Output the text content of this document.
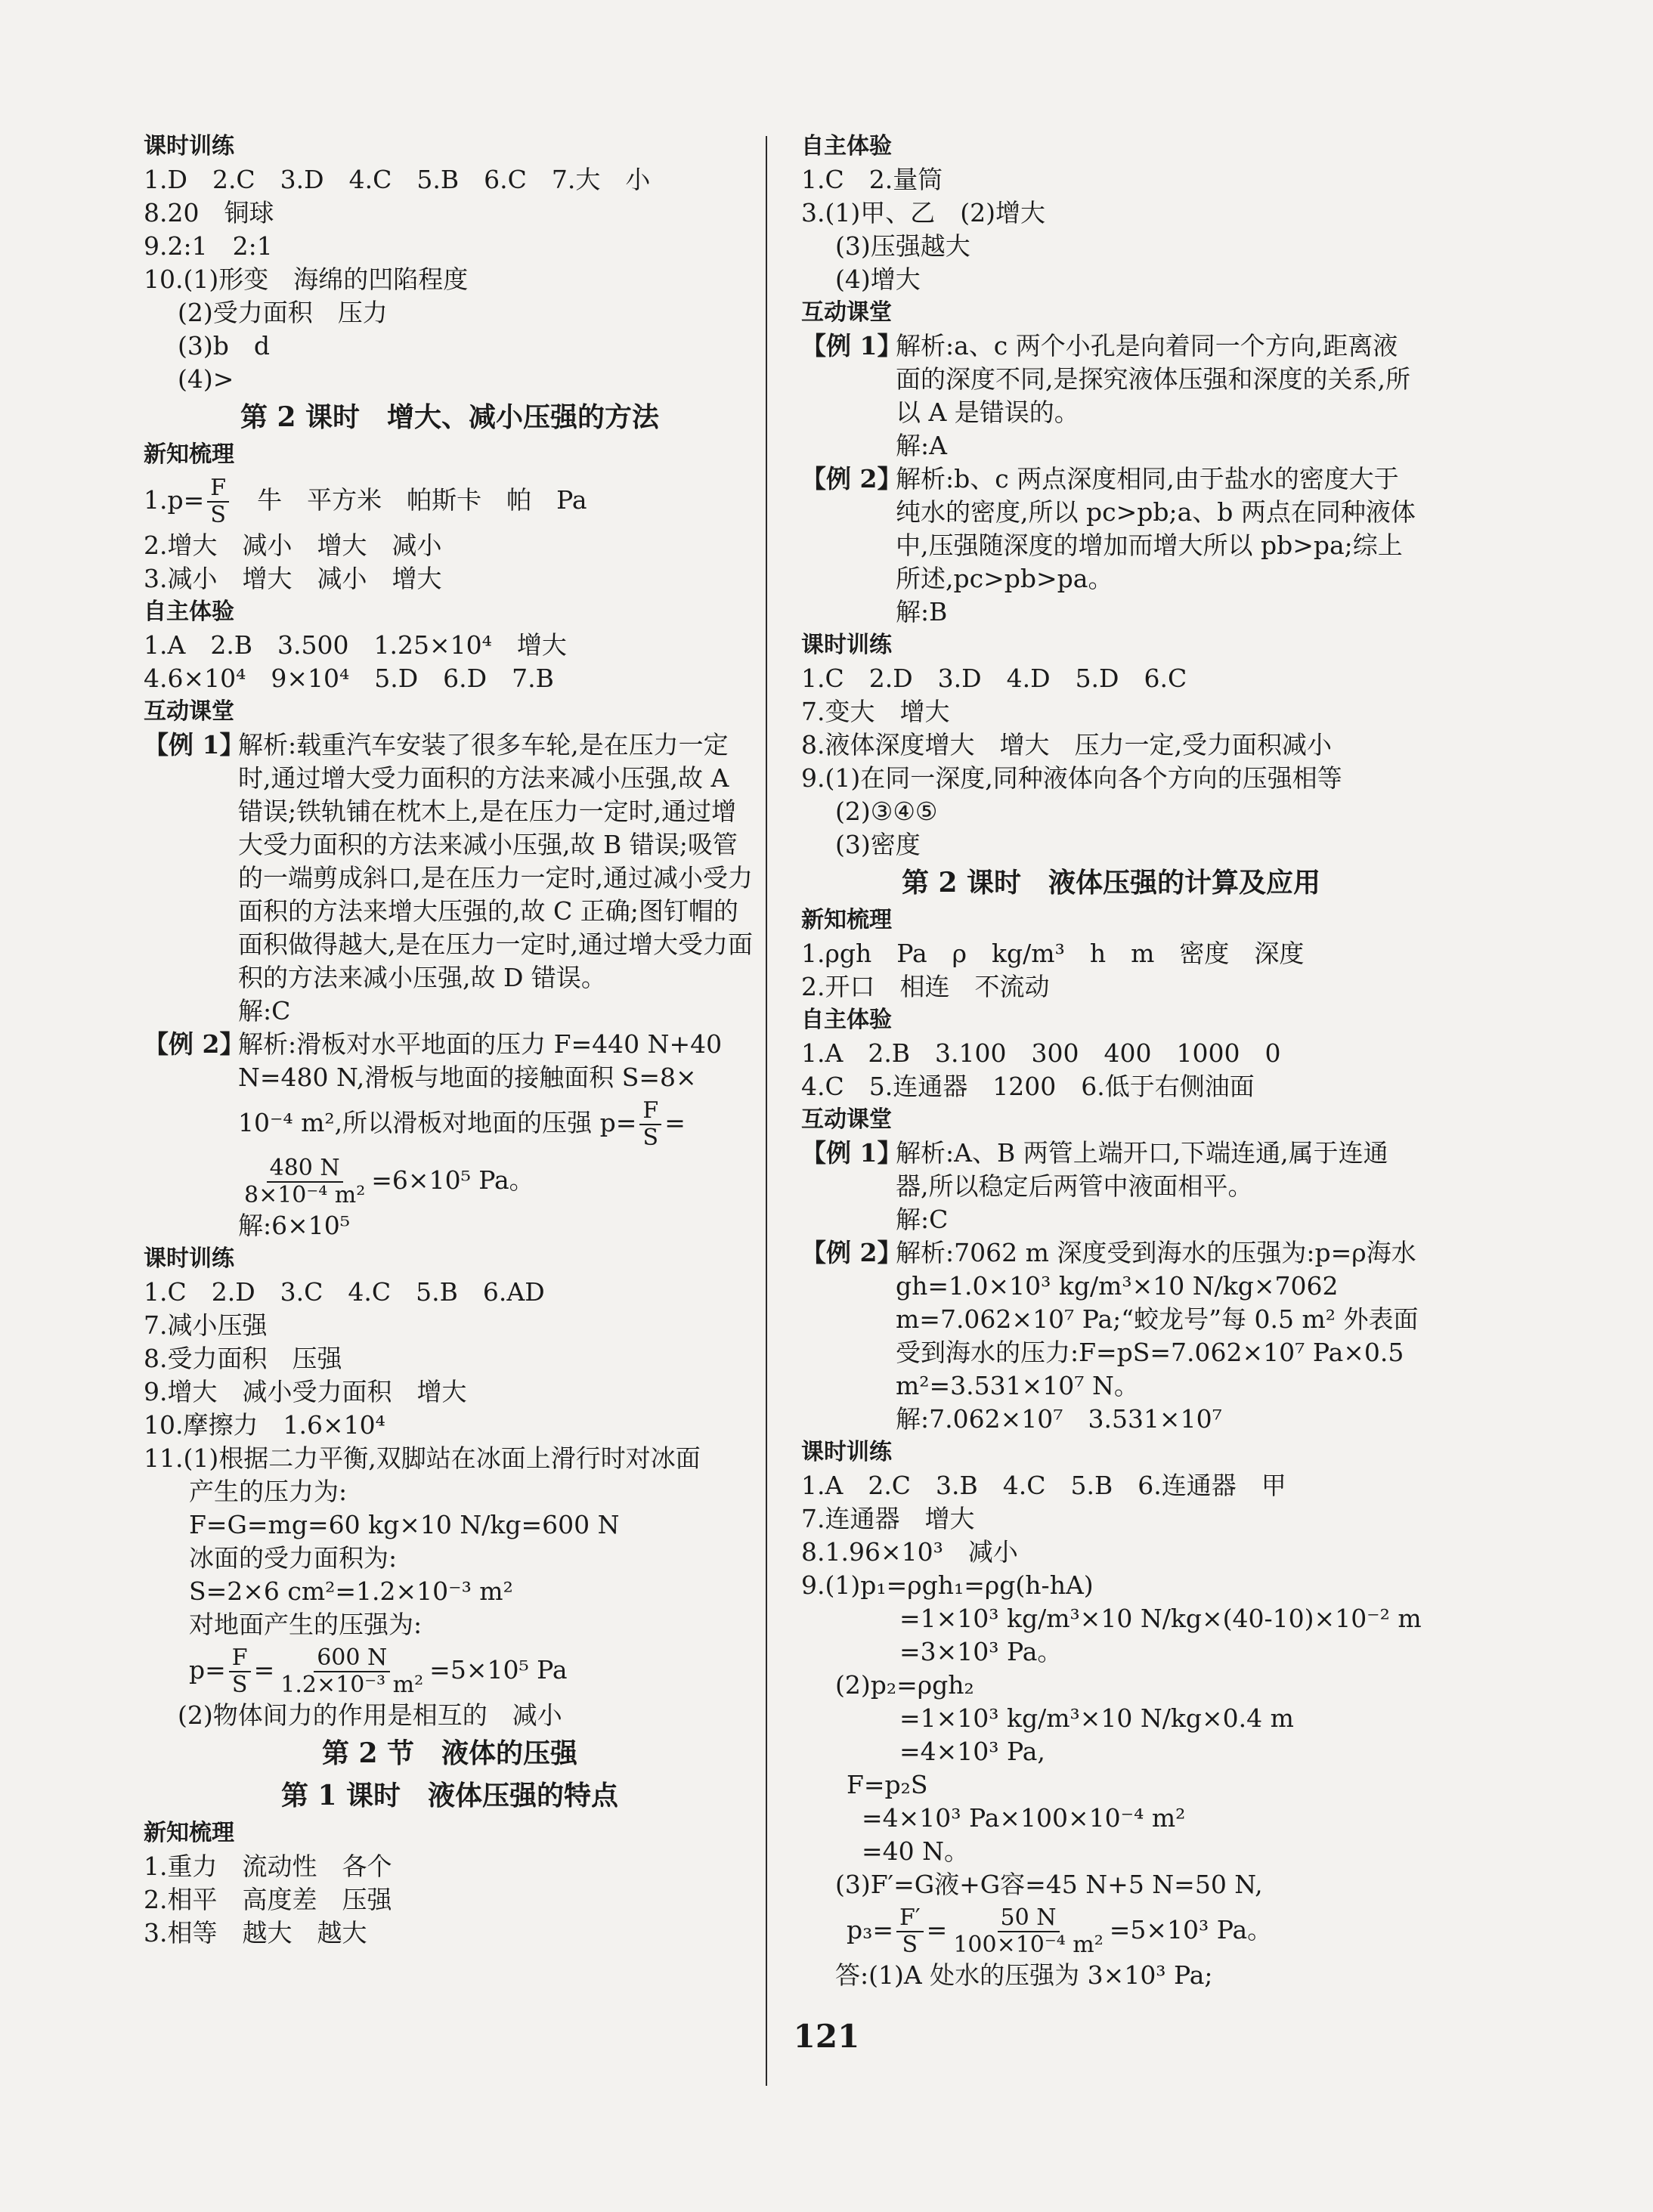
课时训练
1.D　2.C　3.D　4.C　5.B　6.C　7.大　小
8.20　铜球
9.2:1　2:1
10.(1)形变　海绵的凹陷程度
(2)受力面积　压力
(3)b　d
(4)>
第 2 课时　增大、减小压强的方法
新知梳理
$1.p= \frac{F}{S}$ 　牛　平方米　帕斯卡　帕　Pa
2.增大　减小　增大　减小
3.减小　增大　减小　增大
自主体验
1.A　2.B　3.500　1.25×10⁴　增大
4.6×10⁴　9×10⁴　5.D　6.D　7.B
互动课堂
【例 1】
解析:载重汽车安装了很多车轮,是在压力一定时,通过增大受力面积的方法来减小压强,故 A 错误;铁轨铺在枕木上,是在压力一定时,通过增大受力面积的方法来减小压强,故 B 错误;吸管的一端剪成斜口,是在压力一定时,通过减小受力面积的方法来增大压强的,故 C 正确;图钉帽的面积做得越大,是在压力一定时,通过增大受力面积的方法来减小压强,故 D 错误。
解:C
【例 2】
解析:滑板对水平地面的压力 F=440 N+40 N=480 N,滑板与地面的接触面积 S=8×
10⁻⁴ m²,所以滑板对地面的压强 $p= \frac{F}{S}$ =
$\frac{480 N}{\text{8×10⁻⁴ m²}} =6\times 10^5$ Pa。
解:6×10⁵
课时训练
1.C　2.D　3.C　4.C　5.B　6.AD
7.减小压强
8.受力面积　压强
9.增大　减小受力面积　增大
10.摩擦力　1.6×10⁴
11.(1)根据二力平衡,双脚站在冰面上滑行时对冰面
产生的压力为:
F=G=mg=60 kg×10 N/kg=600 N
冰面的受力面积为:
S=2×6 cm²=1.2×10⁻³ m²
对地面产生的压强为:
$p= \frac{F}{S} = \frac{600 N}{\text{1.2×10⁻³ m²}} =5\times 10^5$ Pa
(2)物体间力的作用是相互的　减小
第 2 节　液体的压强
第 1 课时　液体压强的特点
新知梳理
1.重力　流动性　各个
2.相平　高度差　压强
3.相等　越大　越大
自主体验
1.C　2.量筒
3.(1)甲、乙　(2)增大
(3)压强越大
(4)增大
互动课堂
【例 1】
解析:a、c 两个小孔是向着同一个方向,距离液面的深度不同,是探究液体压强和深度的关系,所以 A 是错误的。
解:A
【例 2】
解析:b、c 两点深度相同,由于盐水的密度大于纯水的密度,所以 pc>pb;a、b 两点在同种液体中,压强随深度的增加而增大所以 pb>pa;综上所述,pc>pb>pa。
解:B
课时训练
1.C　2.D　3.D　4.D　5.D　6.C
7.变大　增大
8.液体深度增大　增大　压力一定,受力面积减小
9.(1)在同一深度,同种液体向各个方向的压强相等
(2)③④⑤
(3)密度
第 2 课时　液体压强的计算及应用
新知梳理
1.ρgh　Pa　ρ　kg/m³　h　m　密度　深度
2.开口　相连　不流动
自主体验
1.A　2.B　3.100　300　400　1000　0
4.C　5.连通器　1200　6.低于右侧油面
互动课堂
【例 1】
解析:A、B 两管上端开口,下端连通,属于连通器,所以稳定后两管中液面相平。
解:C
【例 2】
解析:7062 m 深度受到海水的压强为:p=ρ海水gh=1.0×10³ kg/m³×10 N/kg×7062 m=7.062×10⁷ Pa;“蛟龙号”每 0.5 m² 外表面受到海水的压力:F=pS=7.062×10⁷ Pa×0.5 m²=3.531×10⁷ N。
解:7.062×10⁷　3.531×10⁷
课时训练
1.A　2.C　3.B　4.C　5.B　6.连通器　甲
7.连通器　增大
8.1.96×10³　减小
9.(1)p₁=ρgh₁=ρg(h-hA)
=1×10³ kg/m³×10 N/kg×(40-10)×10⁻² m
=3×10³ Pa。
(2)p₂=ρgh₂
=1×10³ kg/m³×10 N/kg×0.4 m
=4×10³ Pa,
F=p₂S
=4×10³ Pa×100×10⁻⁴ m²
=40 N。
(3)F′=G液+G容=45 N+5 N=50 N,
$p_3= \frac{F'}{S} = \frac{50 N}{\text{100×10⁻⁴ m²}} =5\times 10^3$ Pa。
答:(1)A 处水的压强为 3×10³ Pa;
121
